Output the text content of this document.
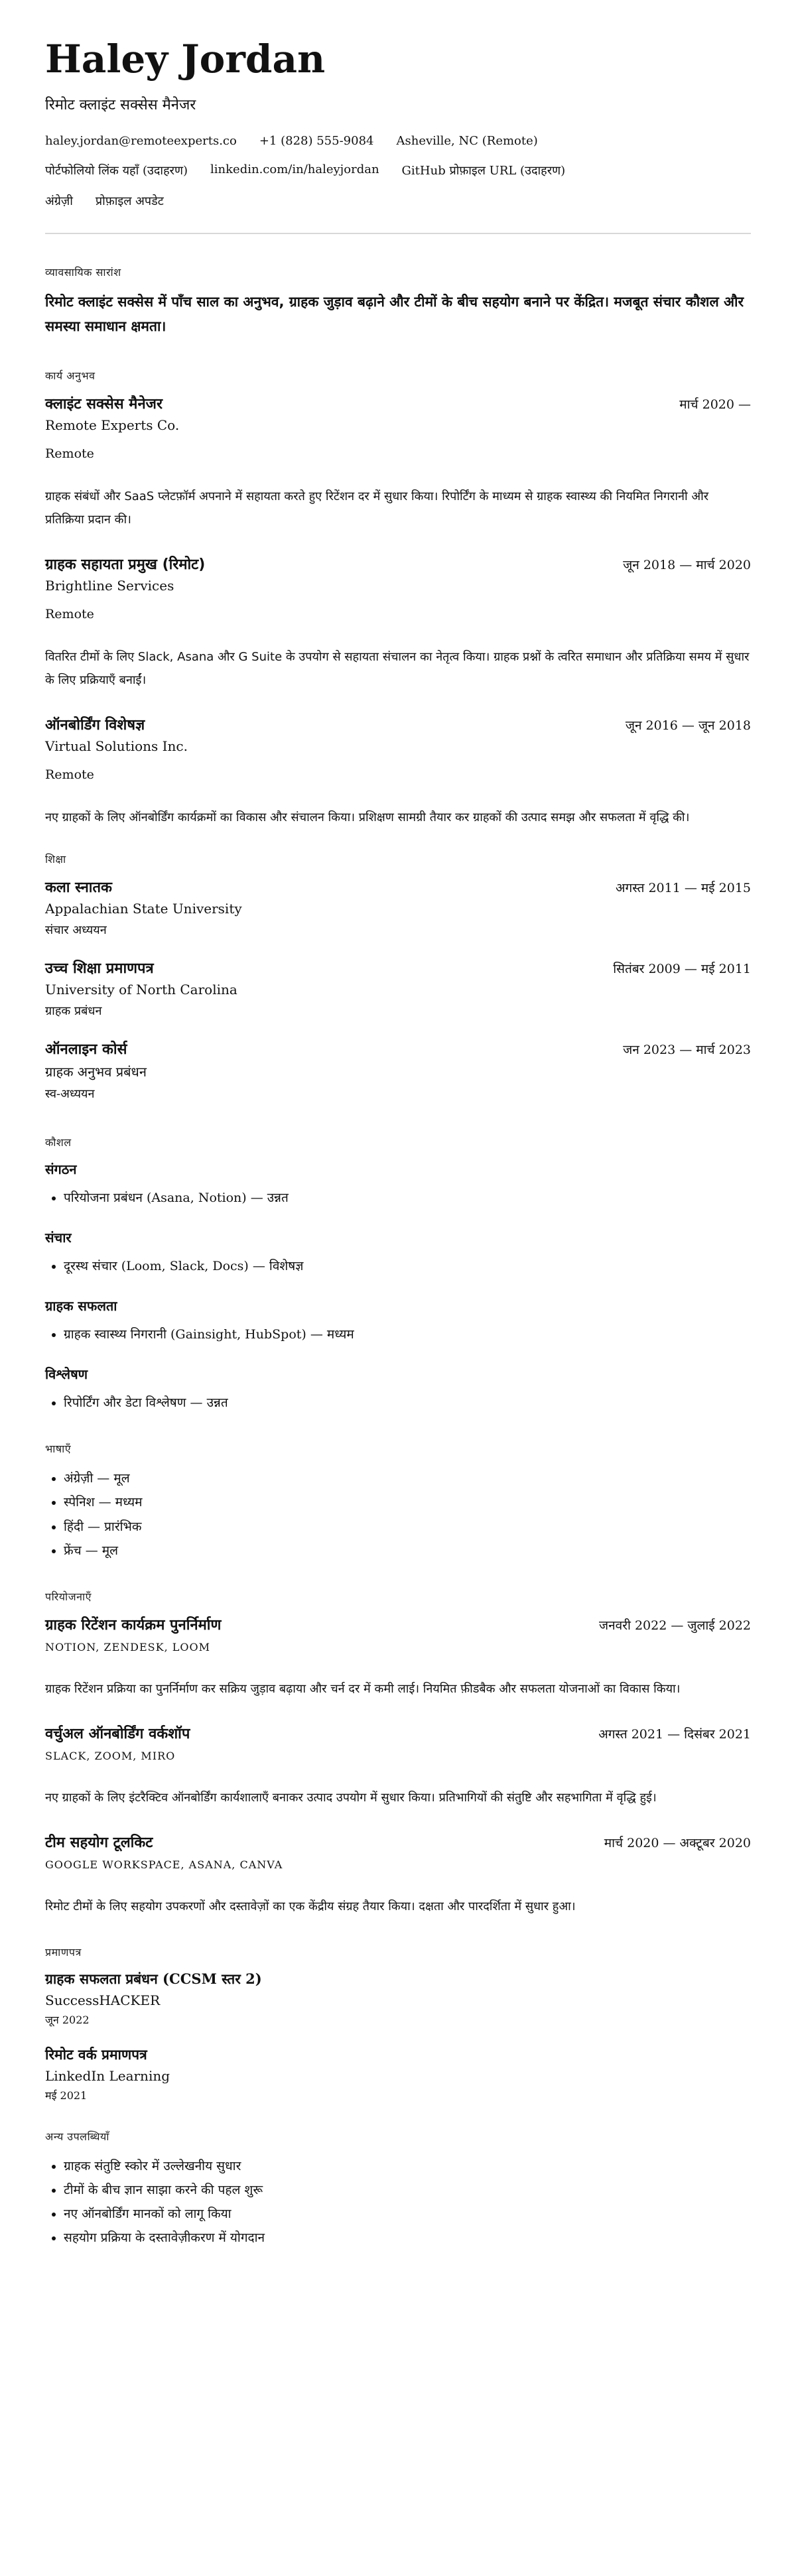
Haley Jordan
रिमोट क्लाइंट सक्सेस मैनेजर
haley.jordan@remoteexperts.co +1 (828) 555-9084 Asheville, NC (Remote)
पोर्टफोलियो लिंक यहाँ (उदाहरण) linkedin.com/in/haleyjordan GitHub प्रोफ़ाइल URL (उदाहरण)
अंग्रेज़ी प्रोफ़ाइल अपडेट
व्यावसायिक सारांश

रिमोट क्लाइंट सक्सेस में पाँच साल का अनुभव, ग्राहक जुड़ाव बढ़ाने और टीमों के बीच सहयोग बनाने पर केंद्रित। मजबूत संचार कौशल और समस्या समाधान क्षमता।

कार्य अनुभव
क्लाइंट सक्सेस मैनेजर	मार्च 2020 —
Remote Experts Co.
Remote
ग्राहक संबंधों और SaaS प्लेटफ़ॉर्म अपनाने में सहायता करते हुए रिटेंशन दर में सुधार किया। रिपोर्टिंग के माध्यम से ग्राहक स्वास्थ्य की नियमित निगरानी और प्रतिक्रिया प्रदान की।
ग्राहक सहायता प्रमुख (रिमोट)	जून 2018 — मार्च 2020
Brightline Services
Remote
वितरित टीमों के लिए Slack, Asana और G Suite के उपयोग से सहायता संचालन का नेतृत्व किया। ग्राहक प्रश्नों के त्वरित समाधान और प्रतिक्रिया समय में सुधार के लिए प्रक्रियाएँ बनाईं।
ऑनबोर्डिंग विशेषज्ञ	जून 2016 — जून 2018
Virtual Solutions Inc.
Remote
नए ग्राहकों के लिए ऑनबोर्डिंग कार्यक्रमों का विकास और संचालन किया। प्रशिक्षण सामग्री तैयार कर ग्राहकों की उत्पाद समझ और सफलता में वृद्धि की।
शिक्षा
कला स्नातक	अगस्त 2011 — मई 2015
Appalachian State University
संचार अध्ययन
उच्च शिक्षा प्रमाणपत्र	सितंबर 2009 — मई 2011
University of North Carolina
ग्राहक प्रबंधन
ऑनलाइन कोर्स	जन 2023 — मार्च 2023
ग्राहक अनुभव प्रबंधन
स्व-अध्ययन
कौशल
संगठन
• परियोजना प्रबंधन (Asana, Notion) — उन्नत
संचार
• दूरस्थ संचार (Loom, Slack, Docs) — विशेषज्ञ
ग्राहक सफलता
• ग्राहक स्वास्थ्य निगरानी (Gainsight, HubSpot) — मध्यम
विश्लेषण
• रिपोर्टिंग और डेटा विश्लेषण — उन्नत
भाषाएँ
• अंग्रेज़ी — मूल
• स्पेनिश — मध्यम
• हिंदी — प्रारंभिक
• फ्रेंच — मूल
परियोजनाएँ
ग्राहक रिटेंशन कार्यक्रम पुनर्निर्माण	जनवरी 2022 — जुलाई 2022
NOTION, ZENDESK, LOOM
ग्राहक रिटेंशन प्रक्रिया का पुनर्निर्माण कर सक्रिय जुड़ाव बढ़ाया और चर्न दर में कमी लाई। नियमित फ़ीडबैक और सफलता योजनाओं का विकास किया।
वर्चुअल ऑनबोर्डिंग वर्कशॉप	अगस्त 2021 — दिसंबर 2021
SLACK, ZOOM, MIRO
नए ग्राहकों के लिए इंटरैक्टिव ऑनबोर्डिंग कार्यशालाएँ बनाकर उत्पाद उपयोग में सुधार किया। प्रतिभागियों की संतुष्टि और सहभागिता में वृद्धि हुई।
टीम सहयोग टूलकिट	मार्च 2020 — अक्टूबर 2020
GOOGLE WORKSPACE, ASANA, CANVA
रिमोट टीमों के लिए सहयोग उपकरणों और दस्तावेज़ों का एक केंद्रीय संग्रह तैयार किया। दक्षता और पारदर्शिता में सुधार हुआ।
प्रमाणपत्र
ग्राहक सफलता प्रबंधन (CCSM स्तर 2)
SuccessHACKER
जून 2022
रिमोट वर्क प्रमाणपत्र
LinkedIn Learning
मई 2021
अन्य उपलब्धियाँ
• ग्राहक संतुष्टि स्कोर में उल्लेखनीय सुधार
• टीमों के बीच ज्ञान साझा करने की पहल शुरू
• नए ऑनबोर्डिंग मानकों को लागू किया
• सहयोग प्रक्रिया के दस्तावेज़ीकरण में योगदान
